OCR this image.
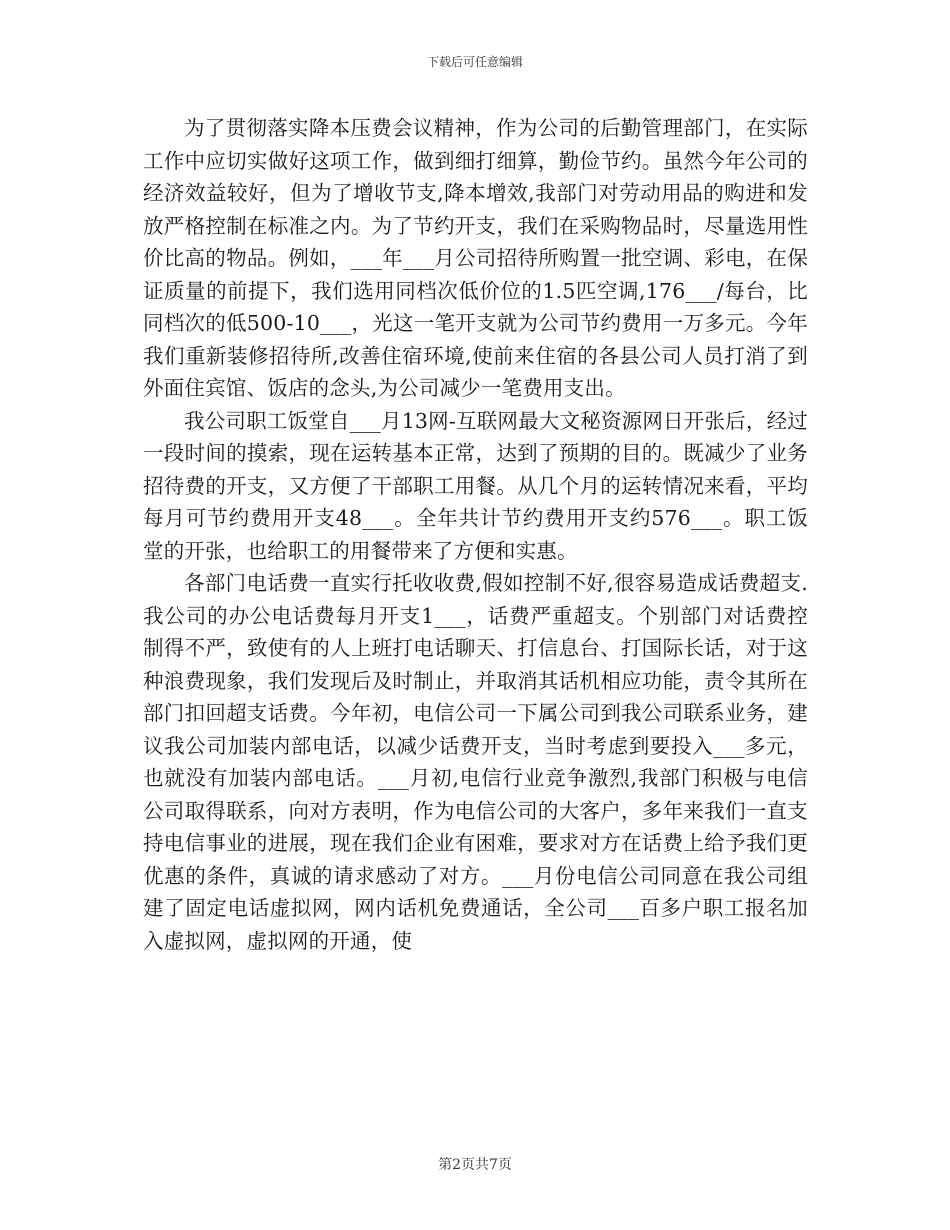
下载后可任意编辑

为了贯彻落实降本压费会议精神，作为公司的后勤管理部门，在实际工作中应切实做好这项工作，做到细打细算，勤俭节约。虽然今年公司的经济效益较好，但为了增收节支,降本增效,我部门对劳动用品的购进和发放严格控制在标准之内。为了节约开支，我们在采购物品时，尽量选用性价比高的物品。例如，___年___月公司招待所购置一批空调、彩电，在保证质量的前提下，我们选用同档次低价位的1.5匹空调,176___/每台，比同档次的低500-10___，光这一笔开支就为公司节约费用一万多元。今年我们重新装修招待所,改善住宿环境,使前来住宿的各县公司人员打消了到外面住宾馆、饭店的念头,为公司减少一笔费用支出。

我公司职工饭堂自___月13网-互联网最大文秘资源网日开张后，经过一段时间的摸索，现在运转基本正常，达到了预期的目的。既减少了业务招待费的开支，又方便了干部职工用餐。从几个月的运转情况来看，平均每月可节约费用开支48___。全年共计节约费用开支约576___。职工饭堂的开张，也给职工的用餐带来了方便和实惠。

各部门电话费一直实行托收收费,假如控制不好,很容易造成话费超支.我公司的办公电话费每月开支1___，话费严重超支。个别部门对话费控制得不严，致使有的人上班打电话聊天、打信息台、打国际长话，对于这种浪费现象，我们发现后及时制止，并取消其话机相应功能，责令其所在部门扣回超支话费。今年初，电信公司一下属公司到我公司联系业务，建议我公司加装内部电话，以减少话费开支，当时考虑到要投入___多元，也就没有加装内部电话。___月初,电信行业竞争激烈,我部门积极与电信公司取得联系，向对方表明，作为电信公司的大客户，多年来我们一直支持电信事业的进展，现在我们企业有困难，要求对方在话费上给予我们更优惠的条件，真诚的请求感动了对方。___月份电信公司同意在我公司组建了固定电话虚拟网，网内话机免费通话，全公司___百多户职工报名加入虚拟网，虚拟网的开通，使

第2页共7页
